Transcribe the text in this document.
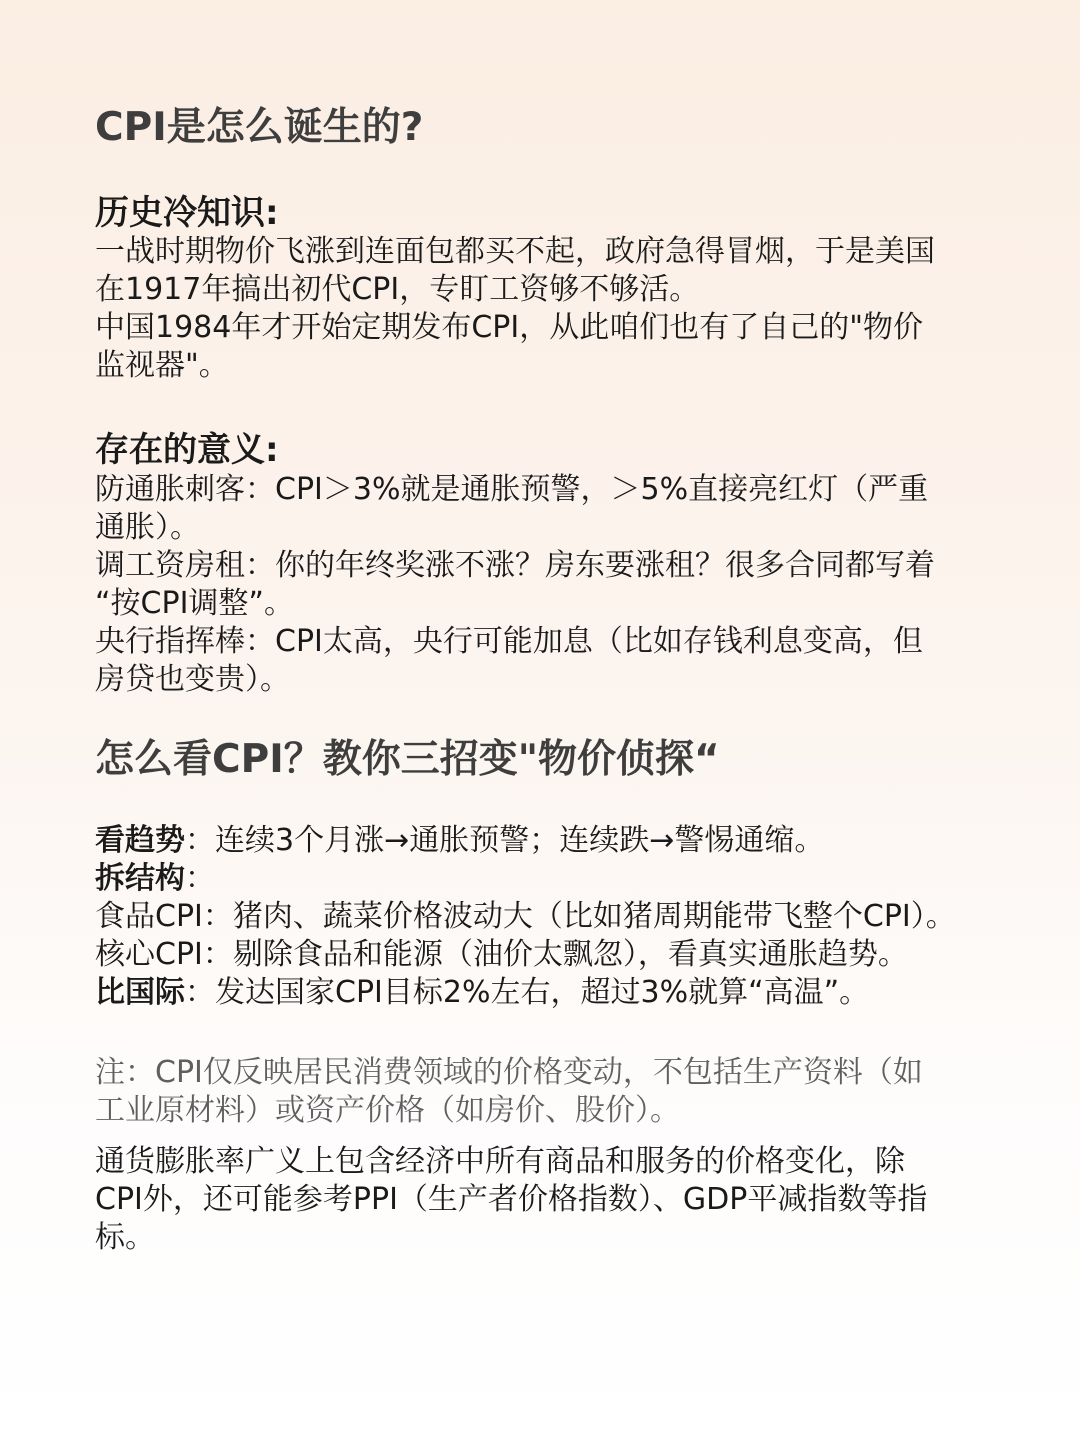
CPI是怎么诞生的?
历史冷知识:
一战时期物价飞涨到连面包都买不起，政府急得冒烟，于是美国
在1917年搞出初代CPI，专盯工资够不够活。
中国1984年才开始定期发布CPI，从此咱们也有了自己的"物价
监视器"。
存在的意义:
防通胀刺客：CPI＞3%就是通胀预警，＞5%直接亮红灯（严重
通胀）。
调工资房租：你的年终奖涨不涨？房东要涨租？很多合同都写着
“按CPI调整”。
央行指挥棒：CPI太高，央行可能加息（比如存钱利息变高，但
房贷也变贵）。
怎么看CPI？教你三招变"物价侦探“
看趋势：连续3个月涨→通胀预警；连续跌→警惕通缩。
拆结构：
食品CPI：猪肉、蔬菜价格波动大（比如猪周期能带飞整个CPI）。
核心CPI：剔除食品和能源（油价太飘忽），看真实通胀趋势。
比国际：发达国家CPI目标2%左右，超过3%就算“高温”。
注：CPI仅反映居民消费领域的价格变动，不包括生产资料（如
工业原材料）或资产价格（如房价、股价）。
通货膨胀率广义上包含经济中所有商品和服务的价格变化，除
CPI外，还可能参考PPI（生产者价格指数）、GDP平减指数等指
标。
